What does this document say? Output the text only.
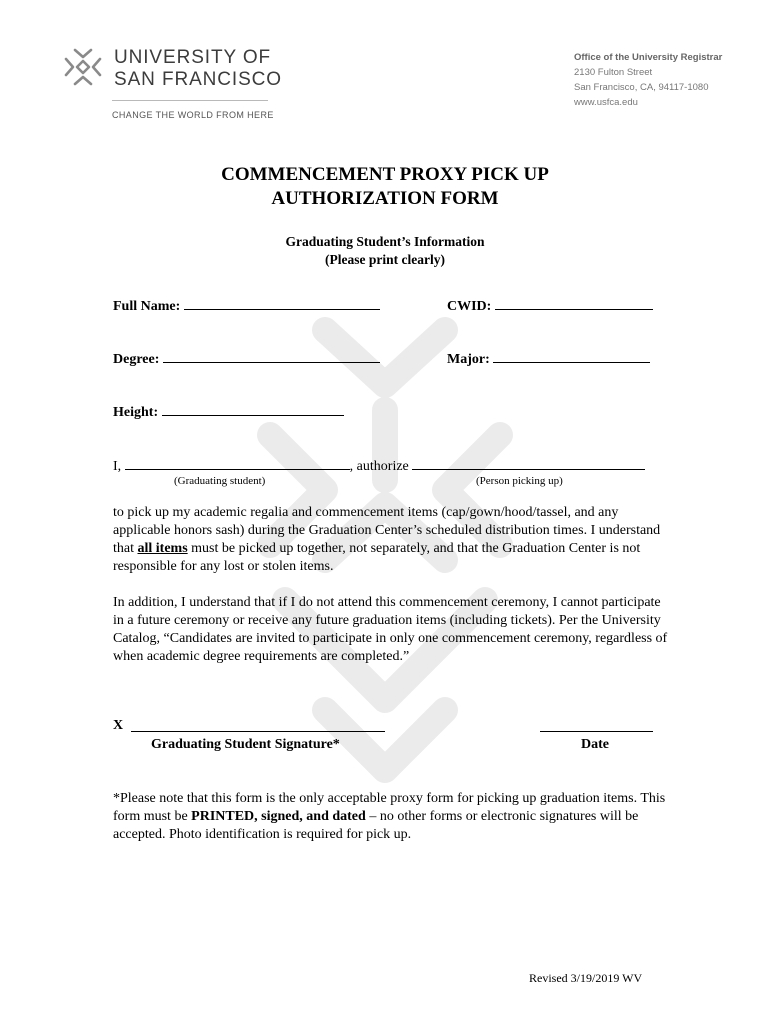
UNIVERSITY OF
SAN FRANCISCO
CHANGE THE WORLD FROM HERE
Office of the University Registrar
2130 Fulton Street
San Francisco, CA, 94117-1080
www.usfca.edu
COMMENCEMENT PROXY PICK UP
AUTHORIZATION FORM
Graduating Student’s Information
(Please print clearly)
Full Name:	CWID:
Degree:	Major:
Height:
I,	, authorize
(Graduating student)	(Person picking up)

to pick up my academic regalia and commencement items (cap/gown/hood/tassel, and any applicable honors sash) during the Graduation Center’s scheduled distribution times. I understand that all items must be picked up together, not separately, and that the Graduation Center is not responsible for any lost or stolen items.

In addition, I understand that if I do not attend this commencement ceremony, I cannot participate in a future ceremony or receive any future graduation items (including tickets). Per the University Catalog, “Candidates are invited to participate in only one commencement ceremony, regardless of when academic degree requirements are completed.”

X
Graduating Student Signature*	Date

*Please note that this form is the only acceptable proxy form for picking up graduation items. This form must be PRINTED, signed, and dated – no other forms or electronic signatures will be accepted. Photo identification is required for pick up.

Revised 3/19/2019 WV
